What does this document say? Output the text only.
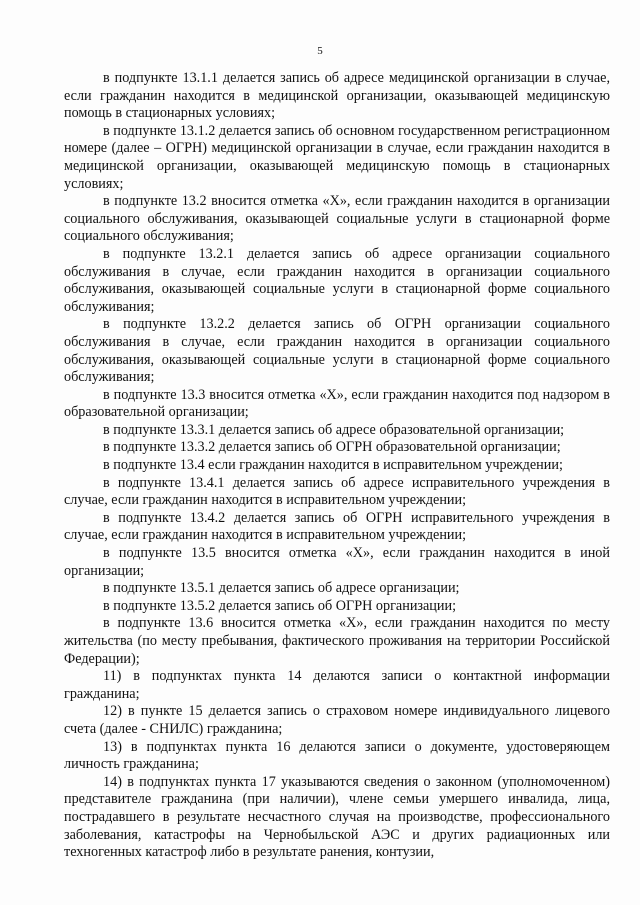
5

в подпункте 13.1.1 делается запись об адресе медицинской организации в случае, если гражданин находится в медицинской организации, оказывающей медицинскую помощь в стационарных условиях;

в подпункте 13.1.2 делается запись об основном государственном регистрационном номере (далее – ОГРН) медицинской организации в случае, если гражданин находится в медицинской организации, оказывающей медицинскую помощь в стационарных условиях;

в подпункте 13.2 вносится отметка «Х», если гражданин находится в организации социального обслуживания, оказывающей социальные услуги в стационарной форме социального обслуживания;

в подпункте 13.2.1 делается запись об адресе организации социального обслуживания в случае, если гражданин находится в организации социального обслуживания, оказывающей социальные услуги в стационарной форме социального обслуживания;

в подпункте 13.2.2 делается запись об ОГРН организации социального обслуживания в случае, если гражданин находится в организации социального обслуживания, оказывающей социальные услуги в стационарной форме социального обслуживания;

в подпункте 13.3 вносится отметка «Х», если гражданин находится под надзором в образовательной организации;

в подпункте 13.3.1 делается запись об адресе образовательной организации;

в подпункте 13.3.2 делается запись об ОГРН образовательной организации;

в подпункте 13.4 если гражданин находится в исправительном учреждении;

в подпункте 13.4.1 делается запись об адресе исправительного учреждения в случае, если гражданин находится в исправительном учреждении;

в подпункте 13.4.2 делается запись об ОГРН исправительного учреждения в случае, если гражданин находится в исправительном учреждении;

в подпункте 13.5 вносится отметка «Х», если гражданин находится в иной организации;

в подпункте 13.5.1 делается запись об адресе организации;

в подпункте 13.5.2 делается запись об ОГРН организации;

в подпункте 13.6 вносится отметка «Х», если гражданин находится по месту жительства (по месту пребывания, фактического проживания на территории Российской Федерации);

11) в подпунктах пункта 14 делаются записи о контактной информации гражданина;

12) в пункте 15 делается запись о страховом номере индивидуального лицевого счета (далее - СНИЛС) гражданина;

13) в подпунктах пункта 16 делаются записи о документе, удостоверяющем личность гражданина;

14) в подпунктах пункта 17 указываются сведения о законном (уполномоченном) представителе гражданина (при наличии), члене семьи умершего инвалида, лица, пострадавшего в результате несчастного случая на производстве, профессионального заболевания, катастрофы на Чернобыльской АЭС и других радиационных или техногенных катастроф либо в результате ранения, контузии,
